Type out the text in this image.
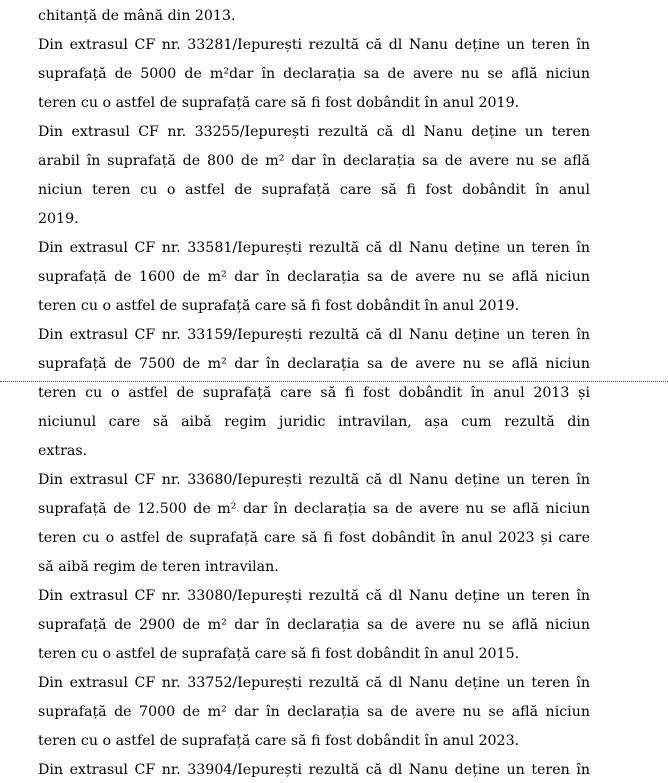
chitanță de mână din 2013.
Din extrasul CF nr. 33281/Iepurești rezultă că dl Nanu deține un teren în
suprafață de 5000 de m²dar în declarația sa de avere nu se află niciun
teren cu o astfel de suprafață care să fi fost dobândit în anul 2019.
Din extrasul CF nr. 33255/Iepurești rezultă că dl Nanu deține un teren
arabil în suprafață de 800 de m² dar în declarația sa de avere nu se află
niciun teren cu o astfel de suprafață care să fi fost dobândit în anul
2019.
Din extrasul CF nr. 33581/Iepurești rezultă că dl Nanu deține un teren în
suprafață de 1600 de m² dar în declarația sa de avere nu se află niciun
teren cu o astfel de suprafață care să fi fost dobândit în anul 2019.
Din extrasul CF nr. 33159/Iepurești rezultă că dl Nanu deține un teren în
suprafață de 7500 de m² dar în declarația sa de avere nu se află niciun
teren cu o astfel de suprafață care să fi fost dobândit în anul 2013 și
niciunul care să aibă regim juridic intravilan, așa cum rezultă din
extras.
Din extrasul CF nr. 33680/Iepurești rezultă că dl Nanu deține un teren în
suprafață de 12.500 de m² dar în declarația sa de avere nu se află niciun
teren cu o astfel de suprafață care să fi fost dobândit în anul 2023 și care
să aibă regim de teren intravilan.
Din extrasul CF nr. 33080/Iepurești rezultă că dl Nanu deține un teren în
suprafață de 2900 de m² dar în declarația sa de avere nu se află niciun
teren cu o astfel de suprafață care să fi fost dobândit în anul 2015.
Din extrasul CF nr. 33752/Iepurești rezultă că dl Nanu deține un teren în
suprafață de 7000 de m² dar în declarația sa de avere nu se află niciun
teren cu o astfel de suprafață care să fi fost dobândit în anul 2023.
Din extrasul CF nr. 33904/Iepurești rezultă că dl Nanu deține un teren în
